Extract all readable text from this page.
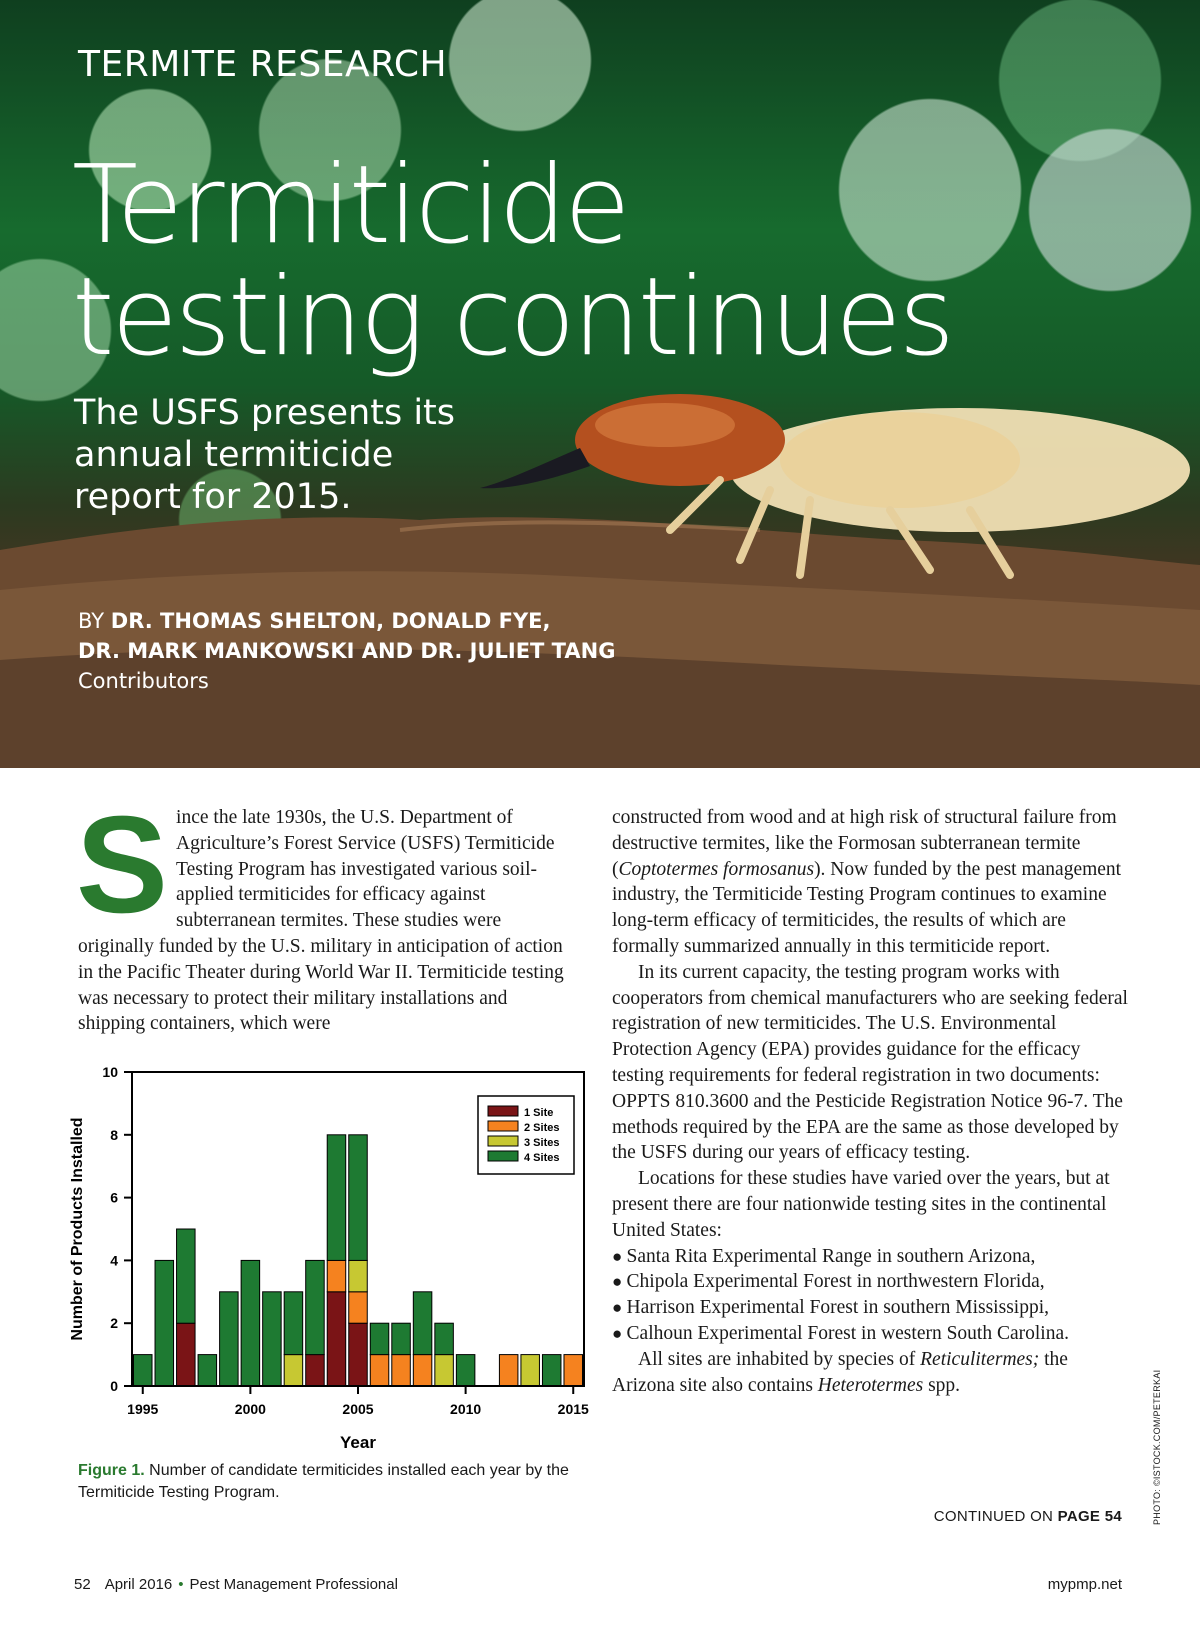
TERMITE RESEARCH
Termiticide
testing continues
The USFS presents its annual termiticide report for 2015.
BY DR. THOMAS SHELTON, DONALD FYE,
DR. MARK MANKOWSKI AND DR. JULIET TANG
Contributors

Since the late 1930s, the U.S. Department of Agriculture’s Forest Service (USFS) Termiticide Testing Program has investigated various soil-applied termiticides for efficacy against subterranean termites. These studies were originally funded by the U.S. military in anticipation of action in the Pacific Theater during World War II. Termiticide testing was necessary to protect their military installations and shipping containers, which were

constructed from wood and at high risk of structural failure from destructive termites, like the Formosan subterranean termite (Coptotermes formosanus). Now funded by the pest management industry, the Termiticide Testing Program continues to examine long-term efficacy of termiticides, the results of which are formally summarized annually in this termiticide report.

In its current capacity, the testing program works with cooperators from chemical manufacturers who are seeking federal registration of new termiticides. The U.S. Environmental Protection Agency (EPA) provides guidance for the efficacy testing requirements for federal registration in two documents: OPPTS 810.3600 and the Pesticide Registration Notice 96-7. The methods required by the EPA are the same as those developed by the USFS during our years of efficacy testing.

Locations for these studies have varied over the years, but at present there are four nationwide testing sites in the continental United States:

● Santa Rita Experimental Range in southern Arizona,

● Chipola Experimental Forest in northwestern Florida,

● Harrison Experimental Forest in southern Mississippi,

● Calhoun Experimental Forest in western South Carolina.

All sites are inhabited by species of Reticulitermes; the Arizona site also contains Heterotermes spp.

CONTINUED ON PAGE 54
0
2
4
6
8
10
1995	2000	2005	2010	2015
Year
Number of Products Installed
1 Site
2 Sites
3 Sites
4 Sites
Figure 1. Number of candidate termiticides installed each year by the Termiticide Testing Program.	PHOTO: ©ISTOCK.COM/PETERKAI
52 April 2016 • Pest Management Professional	mypmp.net
